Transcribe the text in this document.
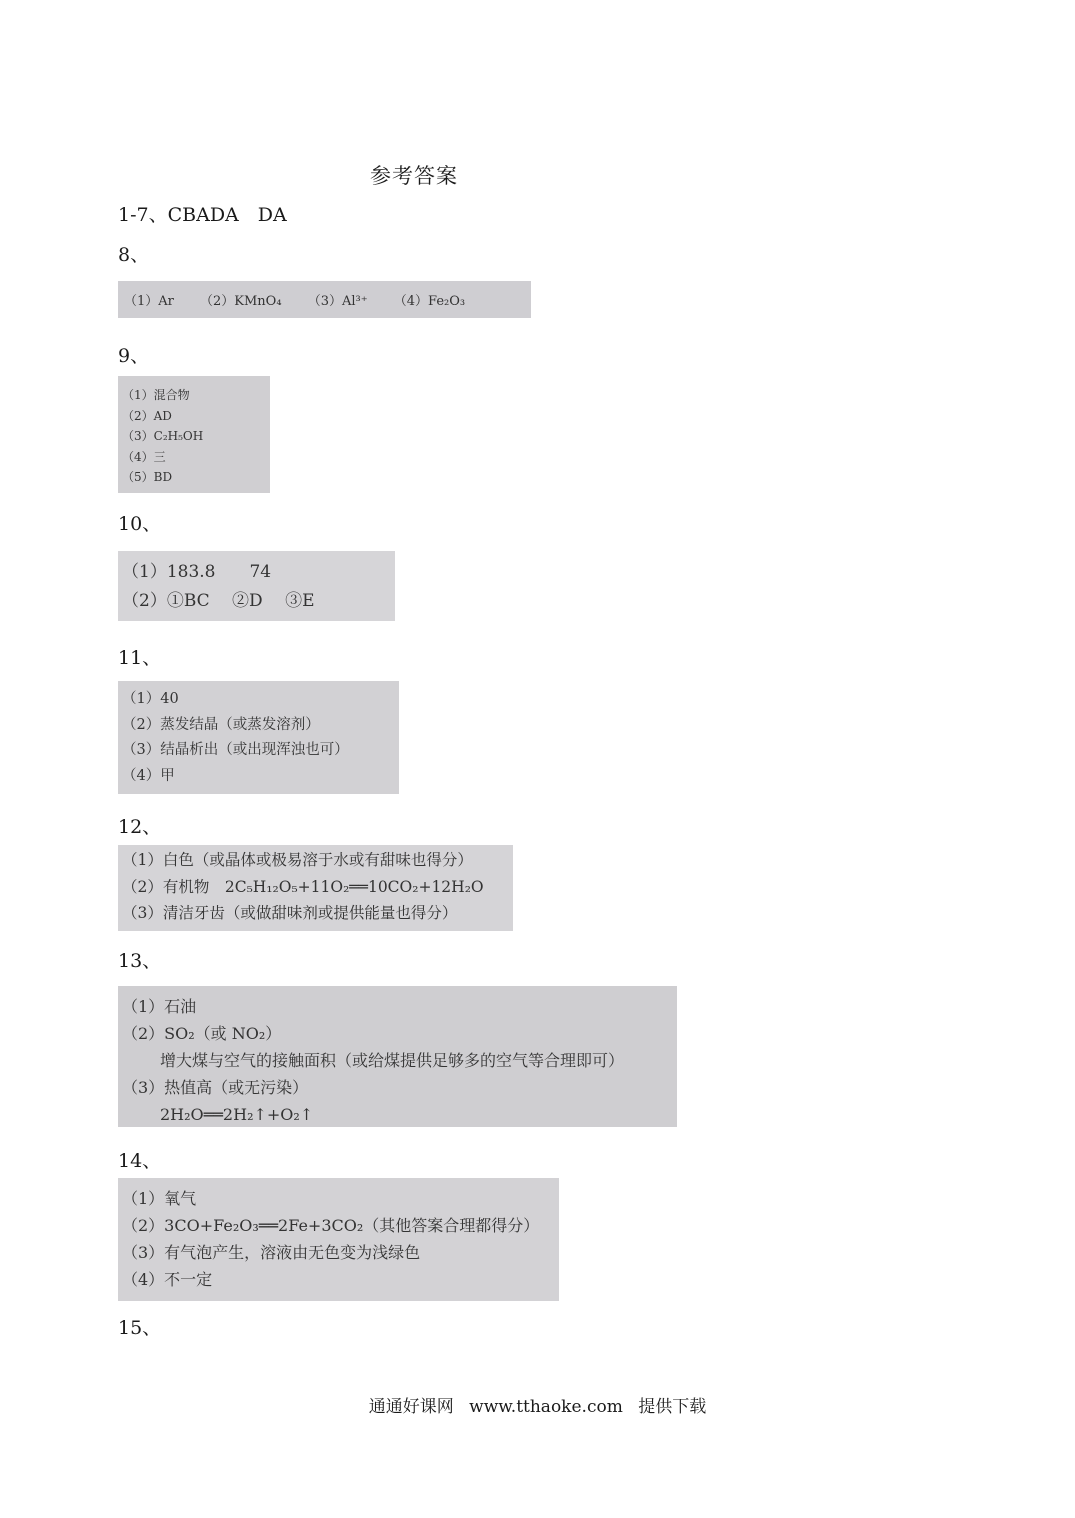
参考答案
1-7、CBADA　DA
8、
（1）Ar （2）KMnO₄ （3）Al³⁺ （4）Fe₂O₃
9、
（1）混合物
（2）AD
（3）C₂H₅OH
（4）三
（5）BD
10、
（1）183.8　　74
（2）①BC　 ②D　 ③E
11、
（1）40
（2）蒸发结晶（或蒸发溶剂）
（3）结晶析出（或出现浑浊也可）
（4）甲
12、
（1）白色（或晶体或极易溶于水或有甜味也得分）
（2）有机物　2C₅H₁₂O₅+11O₂══10CO₂+12H₂O
（3）清洁牙齿（或做甜味剂或提供能量也得分）
13、
（1）石油
（2）SO₂（或 NO₂）
增大煤与空气的接触面积（或给煤提供足够多的空气等合理即可）
（3）热值高（或无污染）
2H₂O══2H₂↑+O₂↑
14、
（1）氧气
（2）3CO+Fe₂O₃══2Fe+3CO₂（其他答案合理都得分）
（3）有气泡产生，溶液由无色变为浅绿色
（4）不一定
15、
通通好课网 www.tthaoke.com 提供下载
